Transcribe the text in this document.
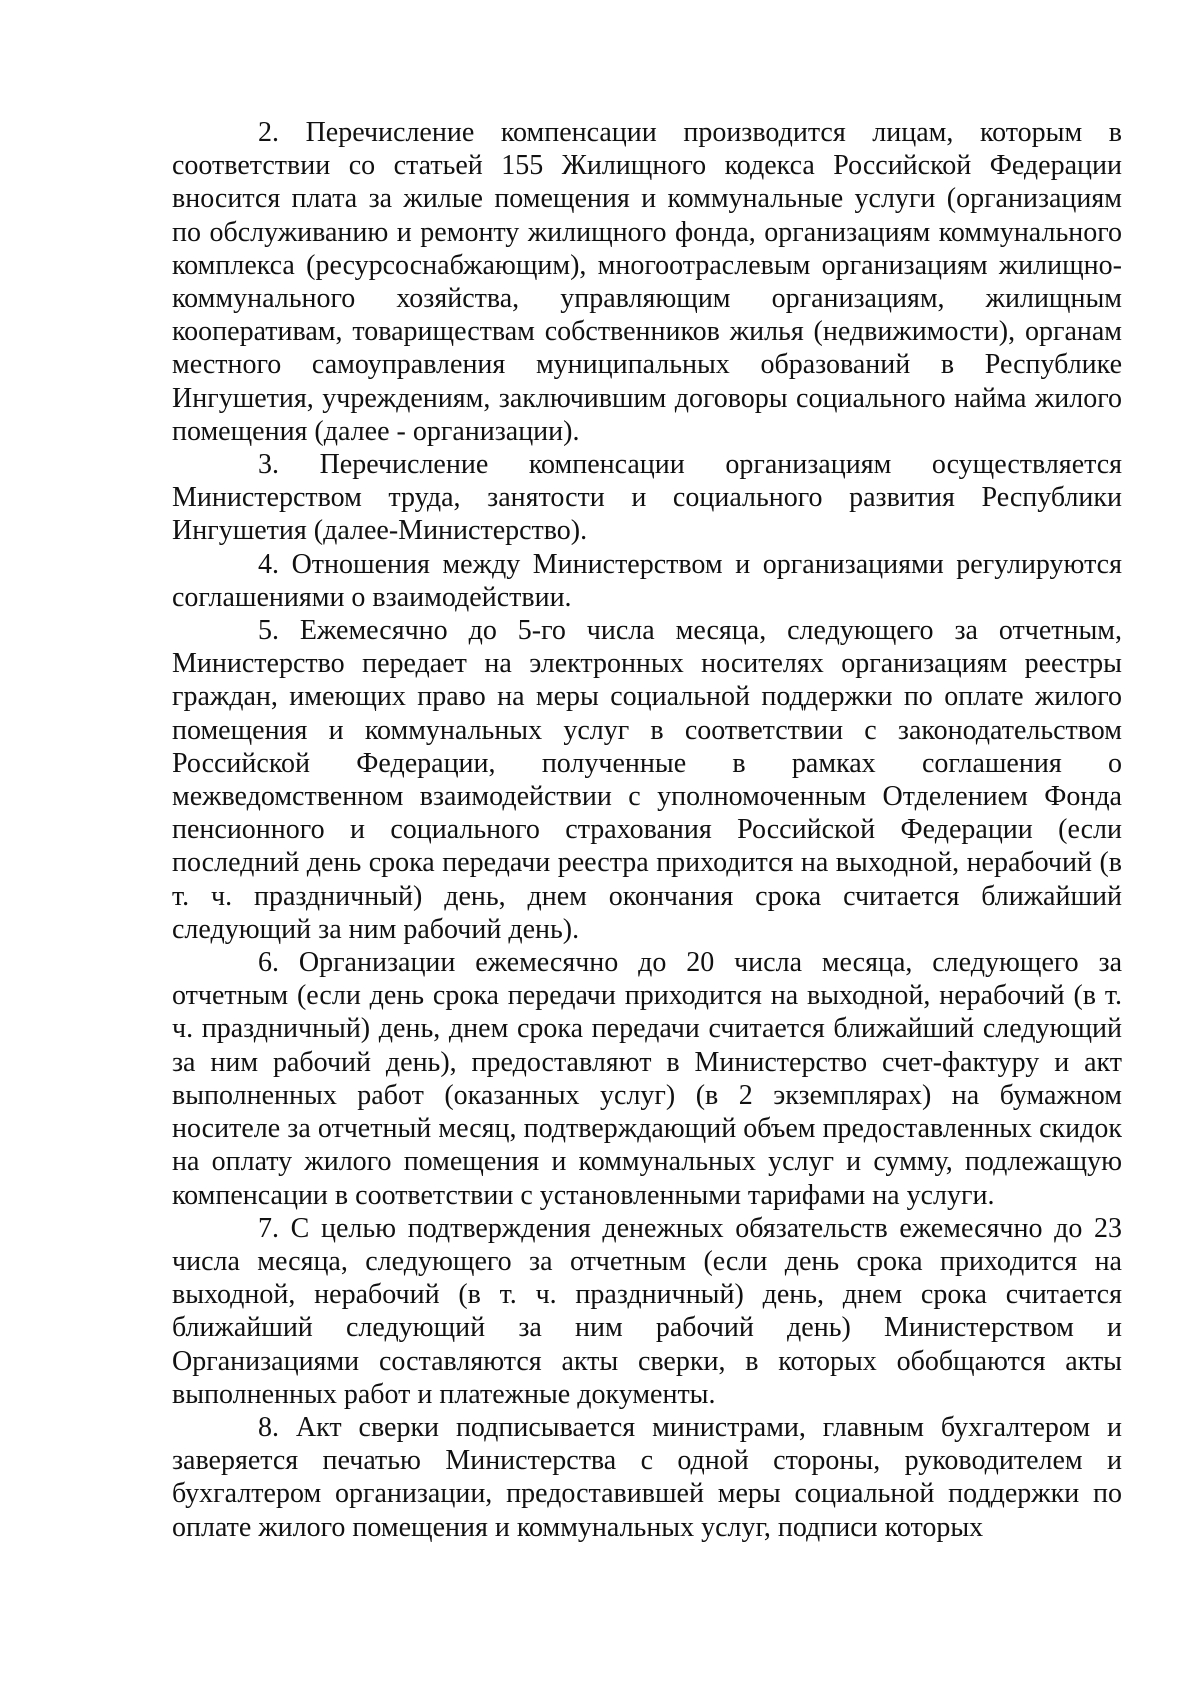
2. Перечисление компенсации производится лицам, которым в соответствии со статьей 155 Жилищного кодекса Российской Федерации вносится плата за жилые помещения и коммунальные услуги (организациям по обслуживанию и ремонту жилищного фонда, организациям коммунального комплекса (ресурсоснабжающим), многоотраслевым организациям жилищно-коммунального хозяйства, управляющим организациям, жилищным кооперативам, товариществам собственников жилья (недвижимости), органам местного самоуправления муниципальных образований в Республике Ингушетия, учреждениям, заключившим договоры социального найма жилого помещения (далее - организации).

3. Перечисление компенсации организациям осуществляется Министерством труда, занятости и социального развития Республики Ингушетия (далее-Министерство).

4. Отношения между Министерством и организациями регулируются соглашениями о взаимодействии.

5. Ежемесячно до 5-го числа месяца, следующего за отчетным, Министерство передает на электронных носителях организациям реестры граждан, имеющих право на меры социальной поддержки по оплате жилого помещения и коммунальных услуг в соответствии с законодательством Российской Федерации, полученные в рамках соглашения о межведомственном взаимодействии с уполномоченным Отделением Фонда пенсионного и социального страхования Российской Федерации (если последний день срока передачи реестра приходится на выходной, нерабочий (в т. ч. праздничный) день, днем окончания срока считается ближайший следующий за ним рабочий день).

6. Организации ежемесячно до 20 числа месяца, следующего за отчетным (если день срока передачи приходится на выходной, нерабочий (в т. ч. праздничный) день, днем срока передачи считается ближайший следующий за ним рабочий день), предоставляют в Министерство счет-фактуру и акт выполненных работ (оказанных услуг) (в 2 экземплярах) на бумажном носителе за отчетный месяц, подтверждающий объем предоставленных скидок на оплату жилого помещения и коммунальных услуг и сумму, подлежащую компенсации в соответствии с установленными тарифами на услуги.

7. С целью подтверждения денежных обязательств ежемесячно до 23 числа месяца, следующего за отчетным (если день срока приходится на выходной, нерабочий (в т. ч. праздничный) день, днем срока считается ближайший следующий за ним рабочий день) Министерством и Организациями составляются акты сверки, в которых обобщаются акты выполненных работ и платежные документы.

8. Акт сверки подписывается министрами, главным бухгалтером и заверяется печатью Министерства с одной стороны, руководителем и бухгалтером организации, предоставившей меры социальной поддержки по оплате жилого помещения и коммунальных услуг, подписи которых
